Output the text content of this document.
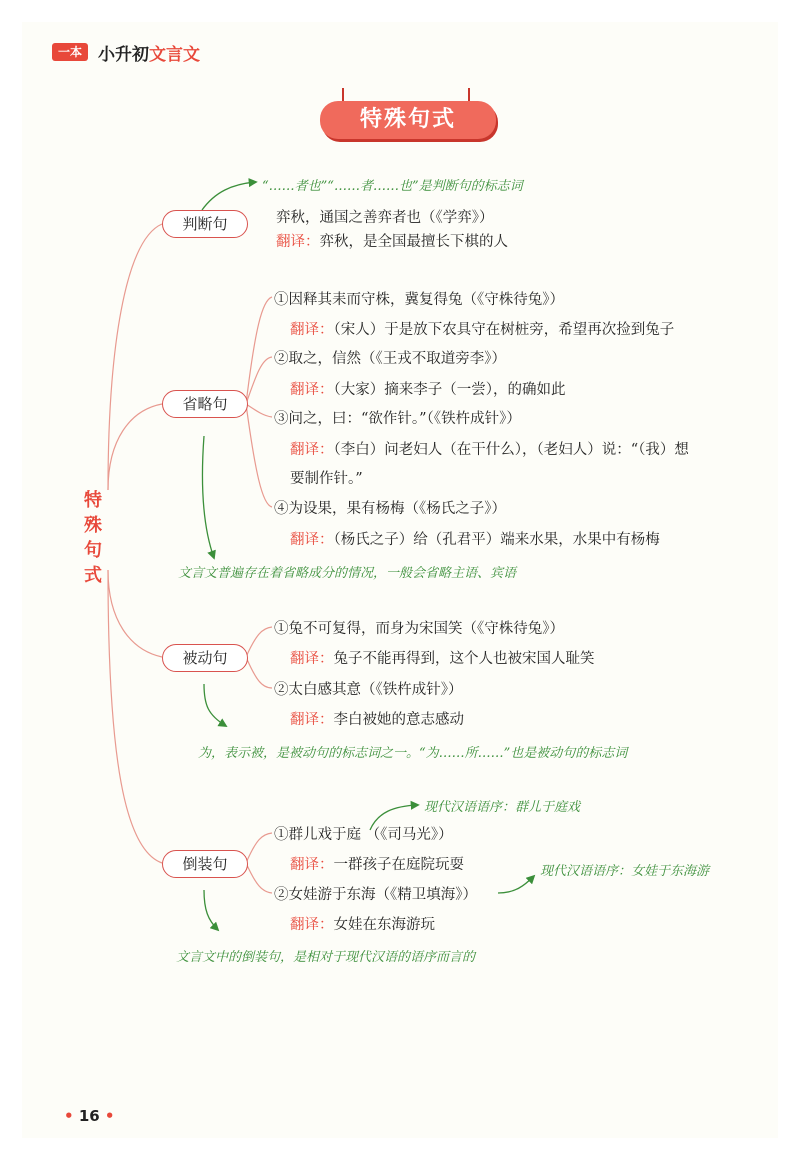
一本 小升初文言文
特殊句式
特殊句式
判断句
“……者也”“……者……也”是判断句的标志词
弈秋，通国之善弈者也（《学弈》）
翻译：弈秋，是全国最擅长下棋的人
省略句
①因释其耒而守株，冀复得兔（《守株待兔》）
翻译：（宋人）于是放下农具守在树桩旁，希望再次捡到兔子
②取之，信然（《王戎不取道旁李》）
翻译：（大家）摘来李子（一尝），的确如此
③问之，曰：“欲作针。”（《铁杵成针》）
翻译：（李白）问老妇人（在干什么），（老妇人）说：“（我）想
要制作针。”
④为设果，果有杨梅（《杨氏之子》）
翻译：（杨氏之子）给（孔君平）端来水果，水果中有杨梅
文言文普遍存在着省略成分的情况，一般会省略主语、宾语
被动句
①兔不可复得，而身为宋国笑（《守株待兔》）
翻译：兔子不能再得到，这个人也被宋国人耻笑
②太白感其意（《铁杵成针》）
翻译：李白被她的意志感动
为，表示被，是被动句的标志词之一。“为……所……”也是被动句的标志词
倒装句
①群儿戏于庭 （《司马光》）
现代汉语语序：群儿于庭戏
翻译：一群孩子在庭院玩耍
②女娃游于东海（《精卫填海》）
现代汉语语序：女娃于东海游
翻译：女娃在东海游玩
文言文中的倒装句，是相对于现代汉语的语序而言的
• 16 •
